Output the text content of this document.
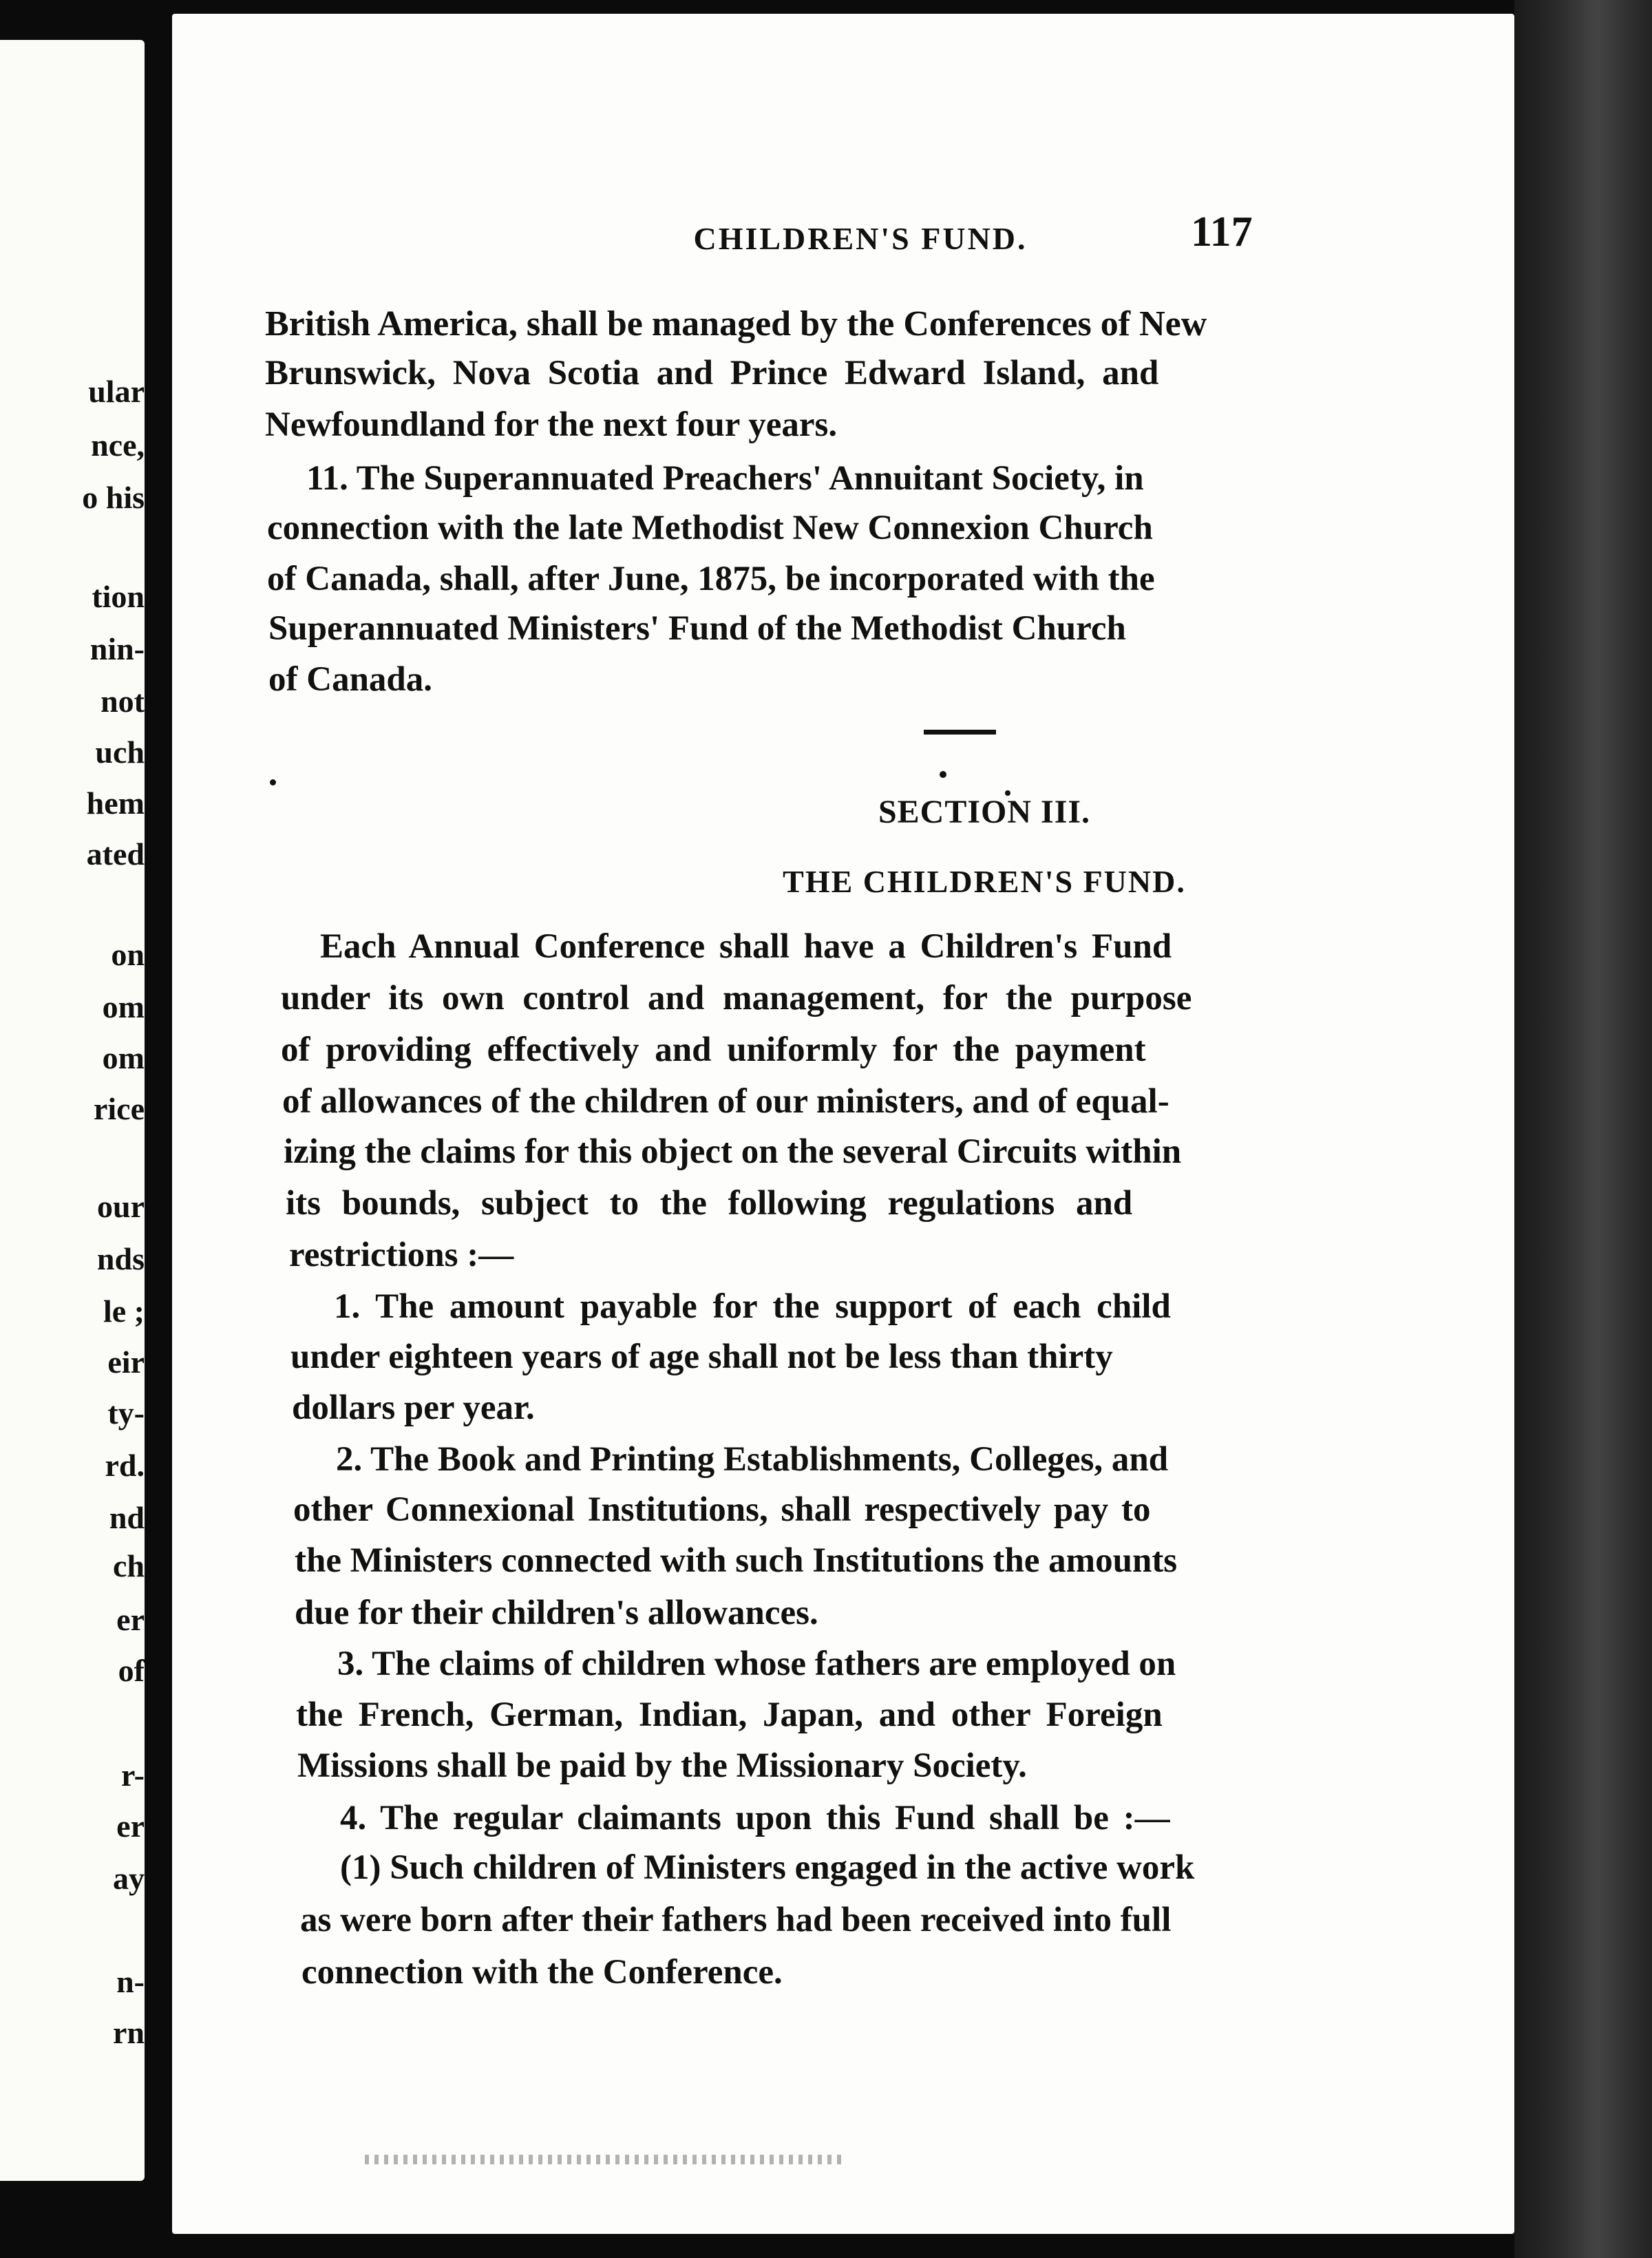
ular
nce,
o his
tion
nin-
not
uch
hem
ated
on
om
om
rice
our
nds
le ;
eir
ty-
rd.
nd
ch
er
of
r-
er
ay
n-
rn
CHILDREN'S FUND.	117
British America, shall be managed by the Conferences of New
Brunswick, Nova Scotia and Prince Edward Island, and
Newfoundland for the next four years.
11. The Superannuated Preachers' Annuitant Society, in
connection with the late Methodist New Connexion Church
of Canada, shall, after June, 1875, be incorporated with the
Superannuated Ministers' Fund of the Methodist Church
of Canada.
SECTION III.
THE CHILDREN'S FUND.
Each Annual Conference shall have a Children's Fund
under its own control and management, for the purpose
of providing effectively and uniformly for the payment
of allowances of the children of our ministers, and of equal-
izing the claims for this object on the several Circuits within
its bounds, subject to the following regulations and
restrictions :—
1. The amount payable for the support of each child
under eighteen years of age shall not be less than thirty
dollars per year.
2. The Book and Printing Establishments, Colleges, and
other Connexional Institutions, shall respectively pay to
the Ministers connected with such Institutions the amounts
due for their children's allowances.
3. The claims of children whose fathers are employed on
the French, German, Indian, Japan, and other Foreign
Missions shall be paid by the Missionary Society.
4. The regular claimants upon this Fund shall be :—
(1) Such children of Ministers engaged in the active work
as were born after their fathers had been received into full
connection with the Conference.
